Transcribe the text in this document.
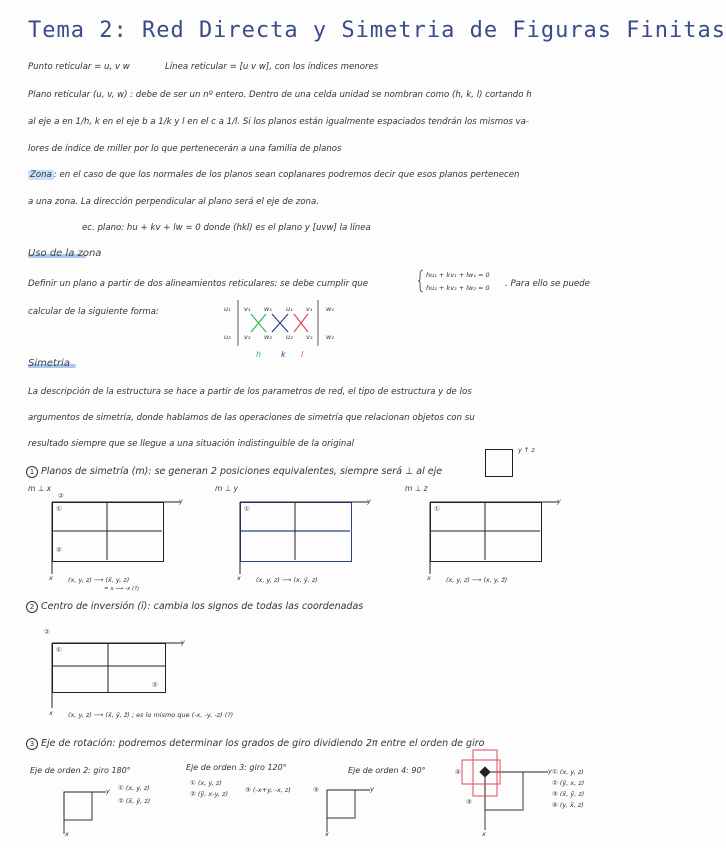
Tema 2: Red Directa y Simetria de Figuras Finitas
Punto reticular = u, v w	Línea reticular = [u v w], con los índices menores
Plano reticular (u, v, w) : debe de ser un nº entero. Dentro de una celda unidad se nombran como (h, k, l) cortando h
al eje a en 1/h, k en el eje b a 1/k y l en el c a 1/l. Si los planos están igualmente espaciados tendrán los mismos va-
lores de índice de miller por lo que pertenecerán a una familia de planos
Zona : en el caso de que los normales de los planos sean coplanares podremos decir que esos planos pertenecen
a una zona. La dirección perpendicular al plano será el eje de zona.
ec. plano: hu + kv + lw = 0 donde (hkl) es el plano y [uvw] la línea
Uso de la zona
Definir un plano a partir de dos alineamientos reticulares: se debe cumplir que
hu₁ + kv₁ + lw₁ = 0
hu₂ + kv₂ + lw₂ = 0 . Para ello se puede
calcular de la siguiente forma:	u₁ v₁ w₁ u₁ v₁ w₁
u₂ v₂ w₂ u₂ v₂ w₂
h k l
Simetria
La descripción de la estructura se hace a partir de los parametros de red, el tipo de estructura y de los
argumentos de simetría, donde hablamos de las operaciones de simetría que relacionan objetos con su
resultado siempre que se llegue a una situación indistinguible de la original
y ↑ z
1 Planos de simetría (m): se generan 2 posiciones equivalentes, siempre será ⊥ al eje
m ⊥ x	m ⊥ y	m ⊥ z
①
②
①	①
②
y	y	y
x	x	x
(x, y, z) ⟶ (x̄, y, z)
= x ⟶ -x (?)
(x, y, z) ⟶ (x, ȳ, z)	(x, y, z) ⟶ (x, y, z̄)
2 Centro de inversión (ī): cambia los signos de todas las coordenadas
②
①
②
y
x (x, y, z) ⟶ (x̄, ȳ, z̄) ; es lo mismo que (-x, -y, -z) (?)
3 Eje de rotación: podremos determinar los grados de giro dividiendo 2π entre el orden de giro
Eje de orden 2: giro 180°	Eje de orden 3: giro 120°	Eje de orden 4: 90°
x
y ① (x, y, z)
② (x̄, ȳ, z)
① (x, y, z)
② (ȳ, x-y, z)	③ (-x+y, -x, z)	③	y
x
④
③
y
x
① (x, y, z)
② (ȳ, x, z)
③ (x̄, ȳ, z)
④ (y, x̄, z)
